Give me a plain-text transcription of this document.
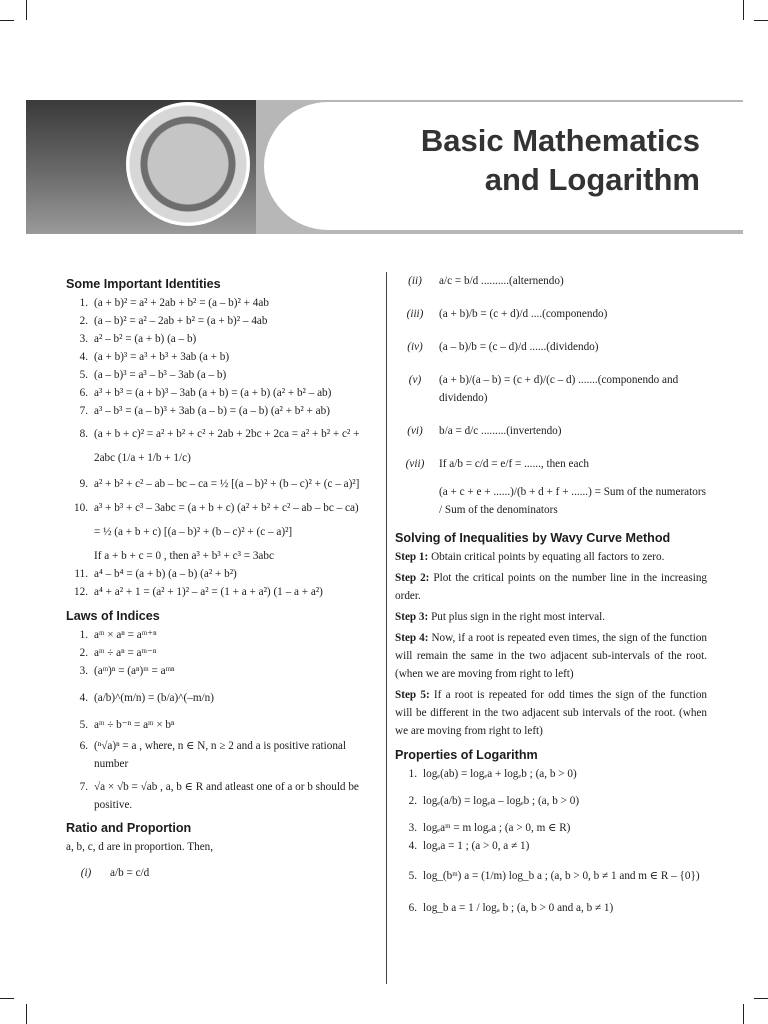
Basic Mathematics
and Logarithm
Some Important Identities
1. (a + b)² = a² + 2ab + b² = (a – b)² + 4ab
2. (a – b)² = a² – 2ab + b² = (a + b)² – 4ab
3. a² – b² = (a + b) (a – b)
4. (a + b)³ = a³ + b³ + 3ab (a + b)
5. (a – b)³ = a³ – b³ – 3ab (a – b)
6. a³ + b³ = (a + b)³ – 3ab (a + b) = (a + b) (a² + b² – ab)
7. a³ – b³ = (a – b)³ + 3ab (a – b) = (a – b) (a² + b² + ab)
8. (a + b + c)² = a² + b² + c² + 2ab + 2bc + 2ca = a² + b² + c² +
2abc (1/a + 1/b + 1/c)
9. a² + b² + c² – ab – bc – ca = ½ [(a – b)² + (b – c)² + (c – a)²]
10. a³ + b³ + c³ – 3abc = (a + b + c) (a² + b² + c² – ab – bc – ca)
= ½ (a + b + c) [(a – b)² + (b – c)² + (c – a)²]
If a + b + c = 0 , then a³ + b³ + c³ = 3abc
11. a⁴ – b⁴ = (a + b) (a – b) (a² + b²)
12. a⁴ + a² + 1 = (a² + 1)² – a² = (1 + a + a²) (1 – a + a²)
Laws of Indices
1. aᵐ × aⁿ = aᵐ⁺ⁿ
2. aᵐ ÷ aⁿ = aᵐ⁻ⁿ
3. (aᵐ)ⁿ = (aⁿ)ᵐ = aᵐⁿ
4. (a/b)^(m/n) = (b/a)^(–m/n)
5. aᵐ ÷ b⁻ⁿ = aᵐ × bⁿ
6. (ⁿ√a)ⁿ = a , where, n ∈ N, n ≥ 2 and a is positive rational number
7. √a × √b = √ab , a, b ∈ R and atleast one of a or b should be positive.
Ratio and Proportion
a, b, c, d are in proportion. Then,
(i)	a/b = c/d
(ii)	a/c = b/d ..........(alternendo)
(iii)	(a + b)/b = (c + d)/d ....(componendo)
(iv)	(a – b)/b = (c – d)/d ......(dividendo)
(v)	(a + b)/(a – b) = (c + d)/(c – d) .......(componendo and dividendo)
(vi)	b/a = d/c .........(invertendo)
(vii)	If a/b = c/d = e/f = ......, then each
(a + c + e + ......)/(b + d + f + ......) = Sum of the numerators / Sum of the denominators
Solving of Inequalities by Wavy Curve Method
Step 1: Obtain critical points by equating all factors to zero.
Step 2: Plot the critical points on the number line in the increasing order.
Step 3: Put plus sign in the right most interval.
Step 4: Now, if a root is repeated even times, the sign of the function will remain the same in the two adjacent sub-intervals of the root. (when we are moving from right to left)
Step 5: If a root is repeated for odd times the sign of the function will be different in the two adjacent sub intervals of the root. (when we are moving from right to left)
Properties of Logarithm
1. logₑ(ab) = logₑa + logₑb ; (a, b > 0)
2. logₑ(a/b) = logₑa – logₑb ; (a, b > 0)
3. logₑaᵐ = m logₑa ; (a > 0, m ∈ R)
4. logₐa = 1 ; (a > 0, a ≠ 1)
5. log_(bᵐ) a = (1/m) log_b a ; (a, b > 0, b ≠ 1 and m ∈ R – {0})
6. log_b a = 1 / logₐ b ; (a, b > 0 and a, b ≠ 1)
